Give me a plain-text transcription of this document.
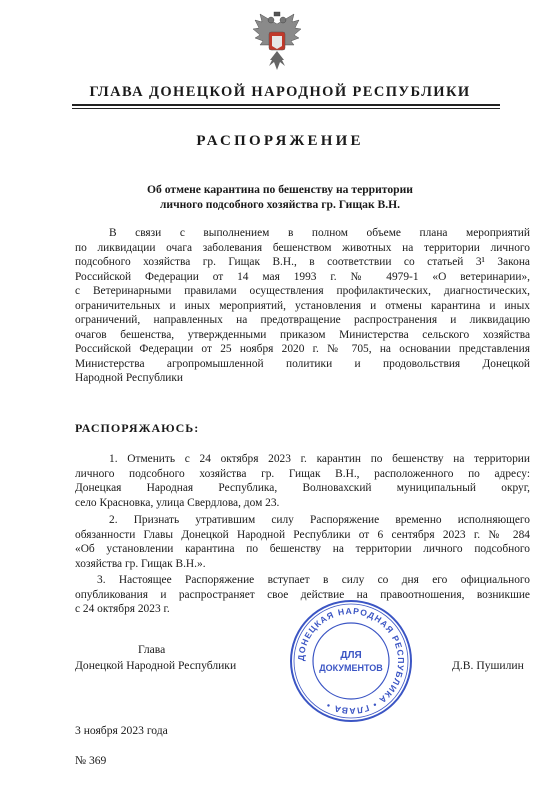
ГЛАВА ДОНЕЦКОЙ НАРОДНОЙ РЕСПУБЛИКИ
РАСПОРЯЖЕНИЕ
Об отмене карантина по бешенству на территории
личного подсобного хозяйства гр. Гищак В.Н.
В связи с выполнением в полном объеме плана мероприятий
по ликвидации очага заболевания бешенством животных на территории личного
подсобного хозяйства гр. Гищак В.Н., в соответствии со статьей 3¹ Закона
Российской Федерации от 14 мая 1993 г. № 4979-1 «О ветеринарии»,
с Ветеринарными правилами осуществления профилактических, диагностических,
ограничительных и иных мероприятий, установления и отмены карантина и иных
ограничений, направленных на предотвращение распространения и ликвидацию
очагов бешенства, утвержденными приказом Министерства сельского хозяйства
Российской Федерации от 25 ноября 2020 г. № 705, на основании представления
Министерства агропромышленной политики и продовольствия Донецкой
Народной Республики
РАСПОРЯЖАЮСЬ:
1. Отменить с 24 октября 2023 г. карантин по бешенству на территории
личного подсобного хозяйства гр. Гищак В.Н., расположенного по адресу:
Донецкая Народная Республика, Волновахский муниципальный округ,
село Красновка, улица Свердлова, дом 23.
2. Признать утратившим силу Распоряжение временно исполняющего
обязанности Главы Донецкой Народной Республики от 6 сентября 2023 г. № 284
«Об установлении карантина по бешенству на территории личного подсобного
хозяйства гр. Гищак В.Н.».
3. Настоящее Распоряжение вступает в силу со дня его официального
опубликования и распространяет свое действие на правоотношения, возникшие
с 24 октября 2023 г.
ДОНЕЦКАЯ НАРОДНАЯ РЕСПУБЛИКА • ГЛАВА •
ДЛЯ
ДОКУМЕНТОВ
Глава
Донецкой Народной Республики	Д.В. Пушилин
3 ноября 2023 года
№ 369
